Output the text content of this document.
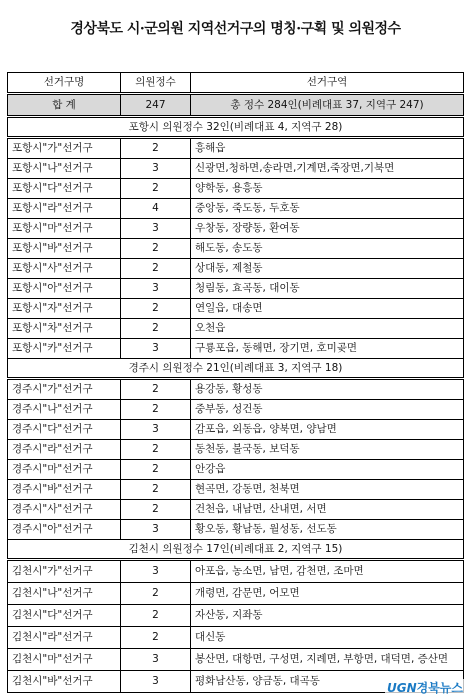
경상북도 시·군의원 지역선거구의 명칭·구획 및 의원정수
선거구명	의원정수	선거구역
합 계	247	총 정수 284인(비례대표 37, 지역구 247)
포항시 의원정수 32인(비례대표 4, 지역구 28)		
포항시"가"선거구	2	흥해읍
포항시"나"선거구	3	신광면,청하면,송라면,기계면,죽장면,기북면
포항시"다"선거구	2	양학동, 용흥동
포항시"라"선거구	4	중앙동, 죽도동, 두호동
포항시"마"선거구	3	우창동, 장량동, 환여동
포항시"바"선거구	2	해도동, 송도동
포항시"사"선거구	2	상대동, 제철동
포항시"아"선거구	3	청림동, 효곡동, 대이동
포항시"자"선거구	2	연일읍, 대송면
포항시"차"선거구	2	오천읍
포항시"카"선거구	3	구룡포읍, 동해면, 장기면, 호미곶면
경주시 의원정수 21인(비례대표 3, 지역구 18)		
경주시"가"선거구	2	용강동, 황성동
경주시"나"선거구	2	중부동, 성건동
경주시"다"선거구	3	감포읍, 외동읍, 양북면, 양남면
경주시"라"선거구	2	동천동, 불국동, 보덕동
경주시"마"선거구	2	안강읍
경주시"바"선거구	2	현곡면, 강동면, 천북면
경주시"사"선거구	2	건천읍, 내남면, 산내면, 서면
경주시"아"선거구	3	황오동, 황남동, 월성동, 선도동
김천시 의원정수 17인(비례대표 2, 지역구 15)		
김천시"가"선거구	3	아포읍, 농소면, 남면, 감천면, 조마면
김천시"나"선거구	2	개령면, 감문면, 어모면
김천시"다"선거구	2	자산동, 지좌동
김천시"라"선거구	2	대신동
김천시"마"선거구	3	봉산면, 대항면, 구성면, 지례면, 부항면, 대덕면, 증산면
김천시"바"선거구	3	평화남산동, 양금동, 대곡동	UGN경북뉴스
